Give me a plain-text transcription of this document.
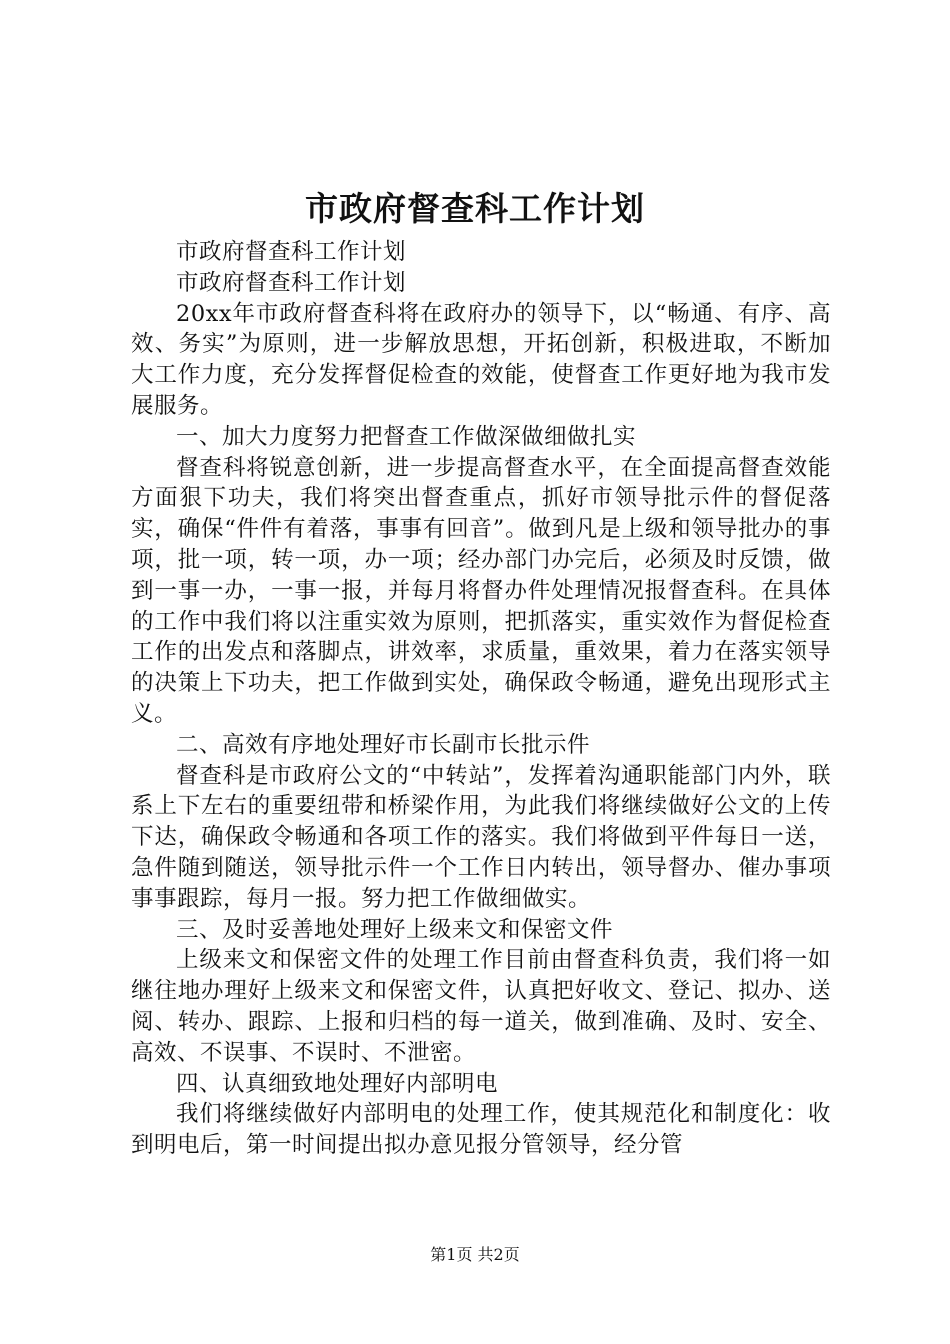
市政府督查科工作计划

市政府督查科工作计划

市政府督查科工作计划

20xx年市政府督查科将在政府办的领导下，以“畅通、有序、高效、务实”为原则，进一步解放思想，开拓创新，积极进取，不断加大工作力度，充分发挥督促检查的效能，使督查工作更好地为我市发展服务。

一、加大力度努力把督查工作做深做细做扎实

督查科将锐意创新，进一步提高督查水平，在全面提高督查效能方面狠下功夫，我们将突出督查重点，抓好市领导批示件的督促落实，确保“件件有着落，事事有回音”。做到凡是上级和领导批办的事项，批一项，转一项，办一项；经办部门办完后，必须及时反馈，做到一事一办，一事一报，并每月将督办件处理情况报督查科。在具体的工作中我们将以注重实效为原则，把抓落实，重实效作为督促检查工作的出发点和落脚点，讲效率，求质量，重效果，着力在落实领导的决策上下功夫，把工作做到实处，确保政令畅通，避免出现形式主义。

二、高效有序地处理好市长副市长批示件

督查科是市政府公文的“中转站”，发挥着沟通职能部门内外，联系上下左右的重要纽带和桥梁作用，为此我们将继续做好公文的上传下达，确保政令畅通和各项工作的落实。我们将做到平件每日一送，急件随到随送，领导批示件一个工作日内转出，领导督办、催办事项事事跟踪，每月一报。努力把工作做细做实。

三、及时妥善地处理好上级来文和保密文件

上级来文和保密文件的处理工作目前由督查科负责，我们将一如继往地办理好上级来文和保密文件，认真把好收文、登记、拟办、送阅、转办、跟踪、上报和归档的每一道关，做到准确、及时、安全、高效、不误事、不误时、不泄密。

四、认真细致地处理好内部明电

我们将继续做好内部明电的处理工作，使其规范化和制度化：收到明电后，第一时间提出拟办意见报分管领导，经分管

第1页 共2页
